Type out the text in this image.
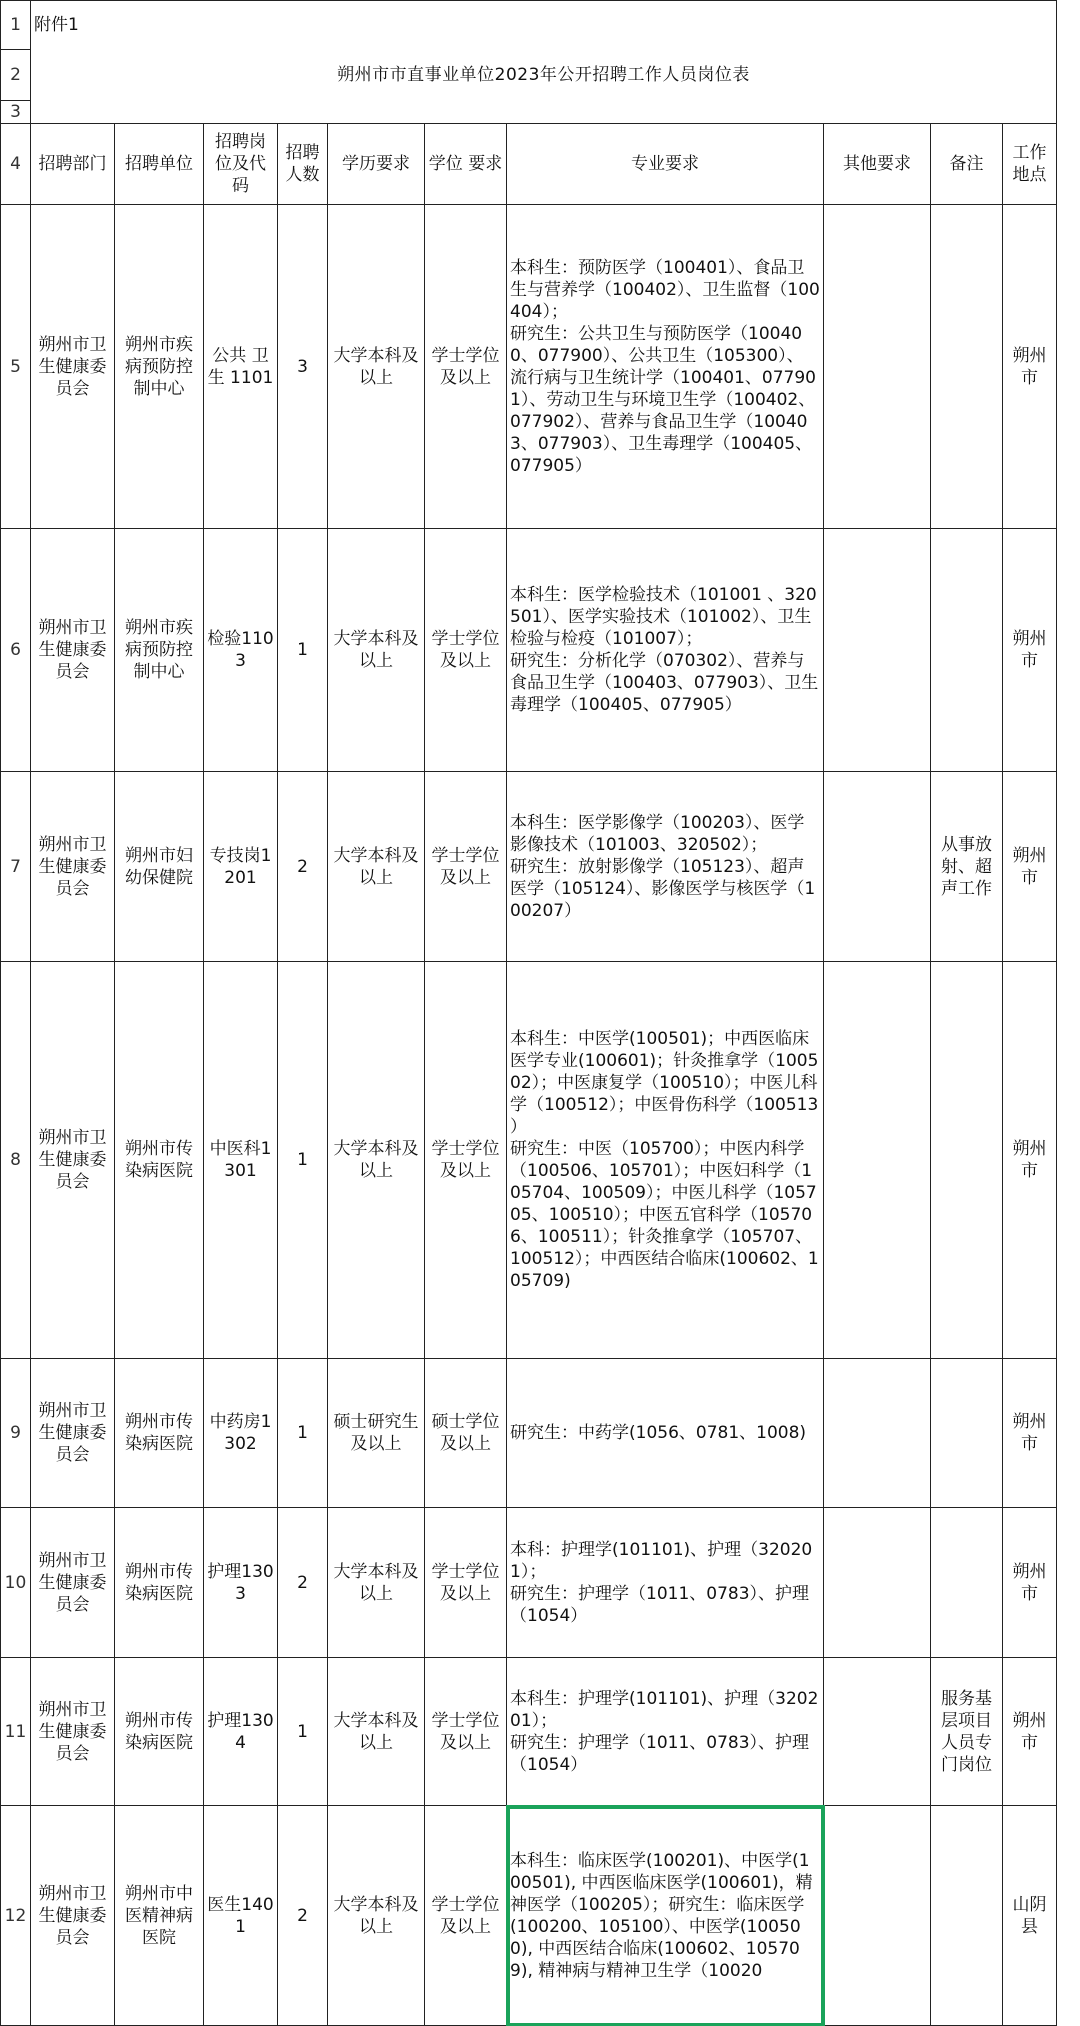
1	附件1									
2	朔州市市直事业单位2023年公开招聘工作人员岗位表									
3										
4	招聘部门	招聘单位	招聘岗位及代码	招聘人数	学历要求	学位 要求	专业要求	其他要求	备注	工作 地点
5	朔州市卫生健康委员会	朔州市疾病预防控制中心	公共 卫生 1101	3	大学本科及以上	学士学位及以上	本科生：预防医学（100401）、食品卫生与营养学（100402）、卫生监督（100404）；
研究生：公共卫生与预防医学（100400、077900）、公共卫生（105300）、流行病与卫生统计学（100401、077901）、劳动卫生与环境卫生学（100402、077902）、营养与食品卫生学（100403、077903）、卫生毒理学（100405、077905）			朔州市
6	朔州市卫生健康委员会	朔州市疾病预防控制中心	检验1103	1	大学本科及以上	学士学位及以上	本科生：医学检验技术（101001 、320501）、医学实验技术（101002）、卫生检验与检疫（101007）；
研究生：分析化学（070302）、营养与食品卫生学（100403、077903）、卫生毒理学（100405、077905）			朔州市
7	朔州市卫生健康委员会	朔州市妇幼保健院	专技岗1201	2	大学本科及以上	学士学位及以上	本科生：医学影像学（100203）、医学影像技术（101003、320502）；
研究生：放射影像学（105123）、超声医学（105124）、影像医学与核医学（100207）		从事放射、超声工作	朔州市
8	朔州市卫生健康委员会	朔州市传染病医院	中医科1301	1	大学本科及以上	学士学位及以上	本科生：中医学(100501)；中西医临床医学专业(100601)；针灸推拿学（100502）；中医康复学（100510）；中医儿科学（100512）；中医骨伤科学（100513 ）
研究生：中医（105700）；中医内科学（100506、105701）；中医妇科学（105704、100509）；中医儿科学（105705、100510）；中医五官科学（105706、100511）；针灸推拿学（105707、100512）；中西医结合临床(100602、105709)			朔州市
9	朔州市卫生健康委员会	朔州市传染病医院	中药房1302	1	硕士研究生及以上	硕士学位及以上	研究生：中药学(1056、0781、1008)			朔州市
10	朔州市卫生健康委员会	朔州市传染病医院	护理1303	2	大学本科及以上	学士学位及以上	本科：护理学(101101)、护理（320201）；
研究生：护理学（1011、0783）、护理（1054）			朔州市
11	朔州市卫生健康委员会	朔州市传染病医院	护理1304	1	大学本科及以上	学士学位及以上	本科生：护理学(101101)、护理（320201）；
研究生：护理学（1011、0783）、护理（1054）		服务基层项目人员专门岗位	朔州市
12	朔州市卫生健康委员会	朔州市中医精神病医院	医生1401	2	大学本科及以上	学士学位及以上	本科生：临床医学(100201)、中医学(100501), 中西医临床医学(100601)，精神医学（100205）；研究生：临床医学(100200、105100）、中医学(100500), 中西医结合临床(100602、105709), 精神病与精神卫生学（10020			山阴县
